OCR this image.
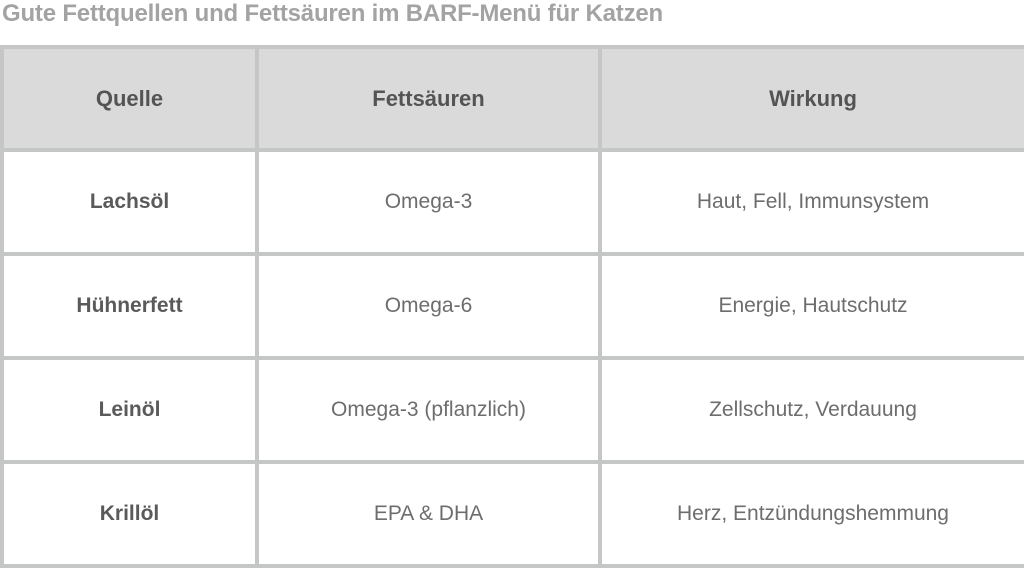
Gute Fettquellen und Fettsäuren im BARF-Menü für Katzen
Quelle	Fettsäuren	Wirkung
Lachsöl	Omega-3	Haut, Fell, Immunsystem
Hühnerfett	Omega-6	Energie, Hautschutz
Leinöl	Omega-3 (pflanzlich)	Zellschutz, Verdauung
Krillöl	EPA & DHA	Herz, Entzündungshemmung
